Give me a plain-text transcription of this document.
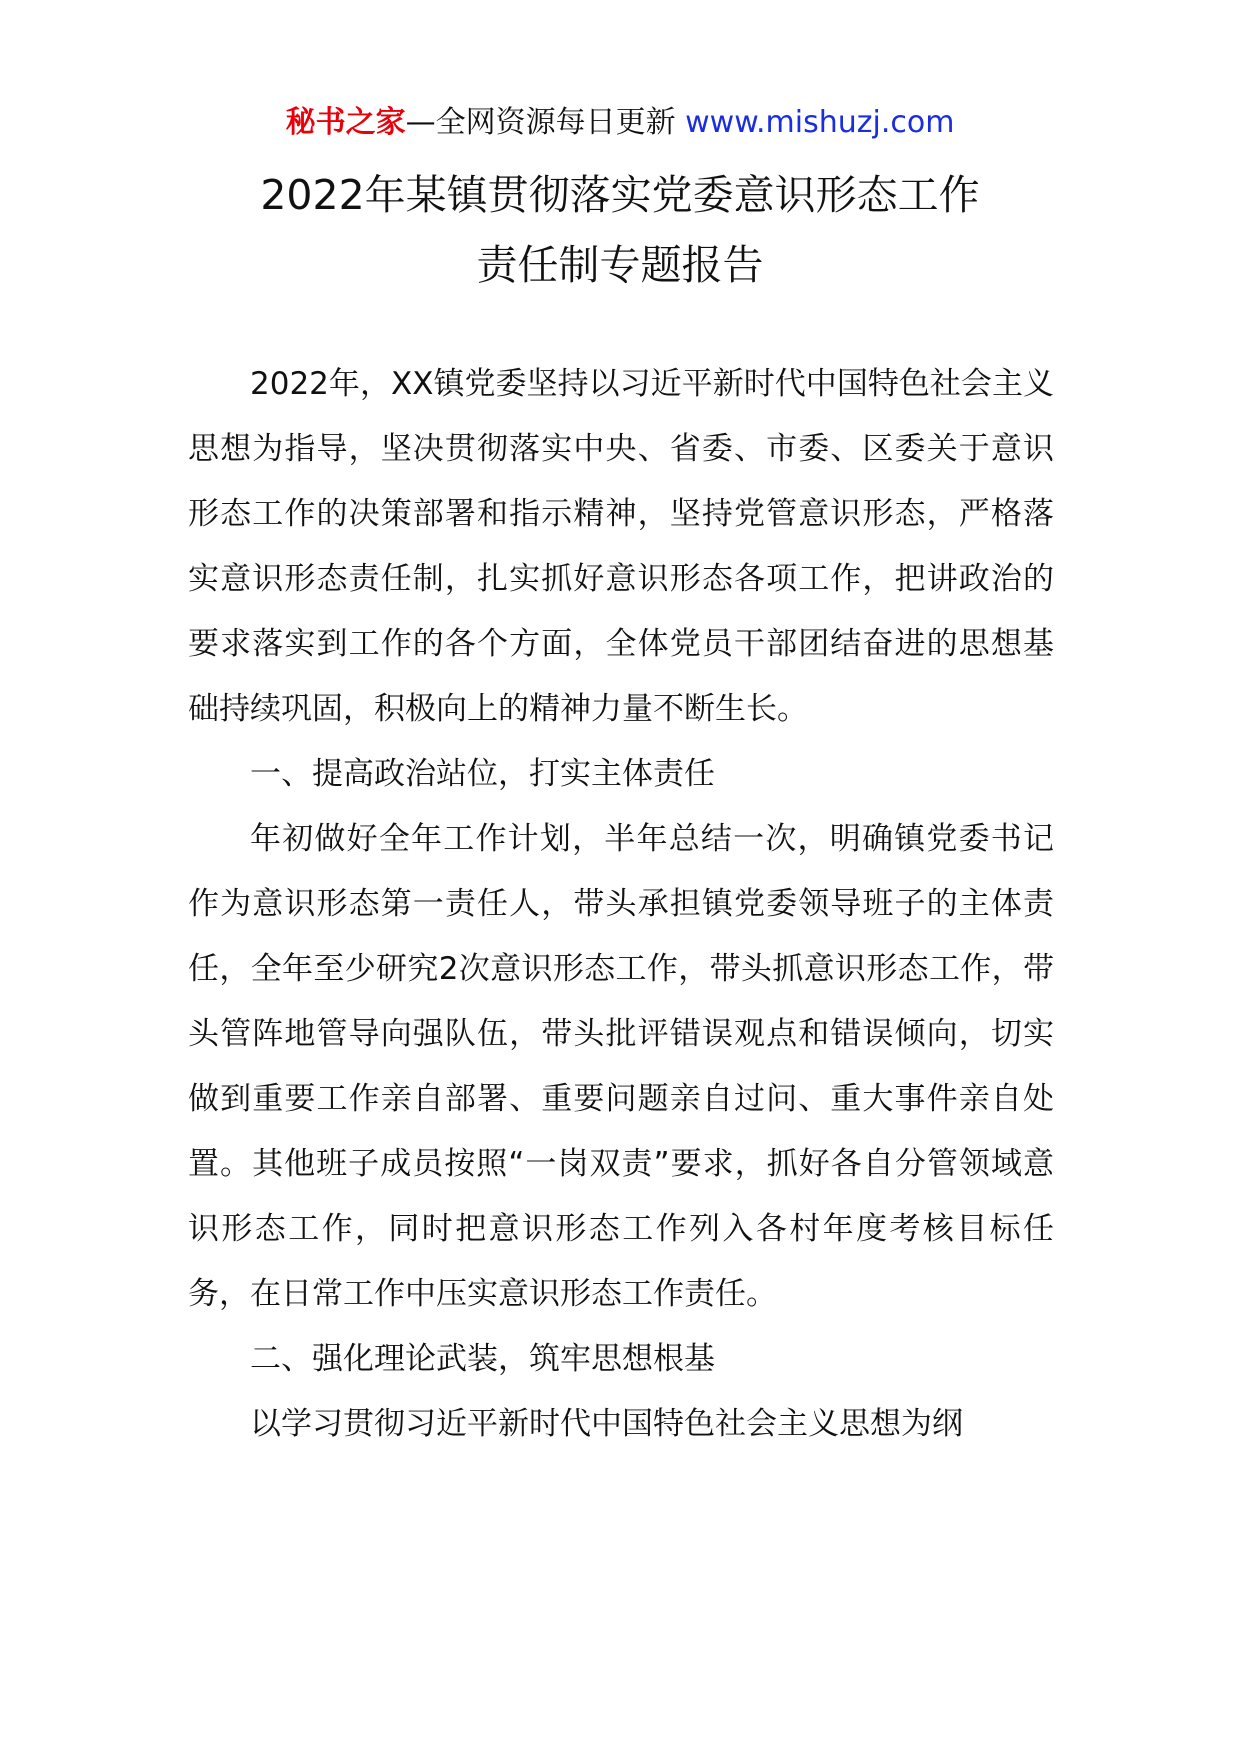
秘书之家—全网资源每日更新 www.mishuzj.com
2022年某镇贯彻落实党委意识形态工作
责任制专题报告

2022年，XX镇党委坚持以习近平新时代中国特色社会主义思想为指导，坚决贯彻落实中央、省委、市委、区委关于意识形态工作的决策部署和指示精神，坚持党管意识形态，严格落实意识形态责任制，扎实抓好意识形态各项工作，把讲政治的要求落实到工作的各个方面，全体党员干部团结奋进的思想基础持续巩固，积极向上的精神力量不断生长。

一、提高政治站位，打实主体责任

年初做好全年工作计划，半年总结一次，明确镇党委书记作为意识形态第一责任人，带头承担镇党委领导班子的主体责任，全年至少研究2次意识形态工作，带头抓意识形态工作，带头管阵地管导向强队伍，带头批评错误观点和错误倾向，切实做到重要工作亲自部署、重要问题亲自过问、重大事件亲自处置。其他班子成员按照“一岗双责”要求，抓好各自分管领域意识形态工作，同时把意识形态工作列入各村年度考核目标任务，在日常工作中压实意识形态工作责任。

二、强化理论武装，筑牢思想根基

以学习贯彻习近平新时代中国特色社会主义思想为纲
